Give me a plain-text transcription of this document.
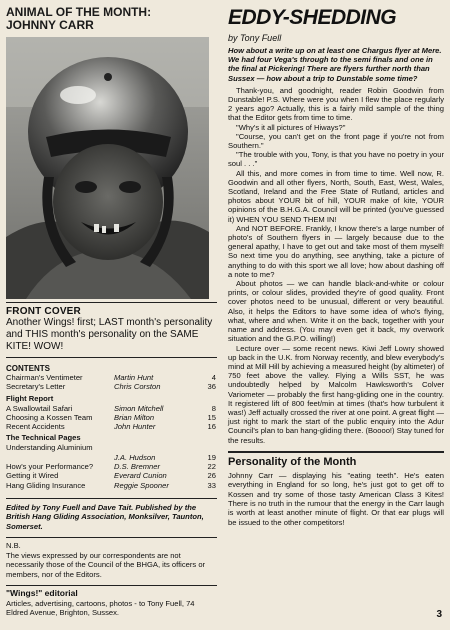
ANIMAL OF THE MONTH:
JOHNNY CARR
FRONT COVER
Another Wings! first; LAST month's personality and THIS month's personality on the SAME KITE! WOW!
CONTENTS
Chairman's Ventimeter	Martin Hunt	4
Secretary's Letter	Chris Corston	36
Flight Report
A Swallowtail Safari	Simon Mitchell	8
Choosing a Kossen Team	Brian Milton	15
Recent Accidents	John Hunter	16
The Technical Pages
Understanding Aluminium
J.A. Hudson	19
How's your Performance?	D.S. Bremner	22
Getting it Wired	Everard Cunion	26
Hang Gliding Insurance	Reggie Spooner	33
Edited by Tony Fuell and Dave Tait. Published by the British Hang Gliding Association, Monksilver, Taunton, Somerset.
N.B.
The views expressed by our correspondents are not necessarily those of the Council of the BHGA, its officers or members, nor of the Editors.
"Wings!" editorial
Articles, advertising, cartoons, photos - to Tony Fuell, 74 Eldred Avenue, Brighton, Sussex.
EDDY-SHEDDING
by Tony Fuell
How about a write up on at least one Chargus flyer at Mere. We had four Vega's through to the semi finals and one in the final at Pickering! There are flyers further north than Sussex — how about a trip to Dunstable some time?
Thank-you, and goodnight, reader Robin Goodwin from Dunstable! P.S. Where were you when I flew the place regularly 2 years ago? Actually, this is a fairly mild sample of the thing that the Editor gets from time to time.
"Why's it all pictures of Hiways?"
"Course, you can't get on the front page if you're not from Southern."
"The trouble with you, Tony, is that you have no poetry in your soul . . ."
All this, and more comes in from time to time. Well now, R. Goodwin and all other flyers, North, South, East, West, Wales, Scotland, Ireland and the Free State of Rutland, articles and photos about YOUR bit of hill, YOUR make of kite, YOUR opinions of the B.H.G.A. Council will be printed (you've guessed it) WHEN YOU SEND THEM IN!
And NOT BEFORE. Frankly, I know there's a large number of photo's of Southern flyers in — largely because due to the general apathy, I have to get out and take most of them myself! So next time you do anything, see anything, take a picture of anything to do with this sport we all love; how about dashing off a note to me?
About photos — we can handle black-and-white or colour prints, or colour slides, provided they're of good quality. Front cover photos need to be unusual, different or very beautiful. Also, it helps the Editors to have some idea of who's flying, what, where and when. Write it on the back, together with your name and address. (You may even get it back, my overwork situation and the G.P.O. willing!)
Lecture over — some recent news. Kiwi Jeff Lowry showed up back in the U.K. from Norway recently, and blew everybody's mind at Mill Hill by achieving a measured height (by altimeter) of 750 feet above the valley. Flying a Wills SST, he was undoubtedly helped by Malcolm Hawksworth's Colver Variometer — probably the first hang-gliding one in the country. It registered lift of 800 feet/min at times (that's how turbulent it was!) Jeff actually crossed the river at one point. A great flight — just right to mark the start of the public enquiry into the Adur Council's plan to ban hang-gliding there. (Boooo!) Stay tuned for the results.
Personality of the Month
Johnny Carr — displaying his "eating teeth". He's eaten everything in England for so long, he's just got to get off to Kossen and try some of those tasty American Class 3 Kites! There is no truth in the rumour that the energy in the Carr laugh is worth at least another minute of flight. Or that ear plugs will be issued to the other competitors!
3
